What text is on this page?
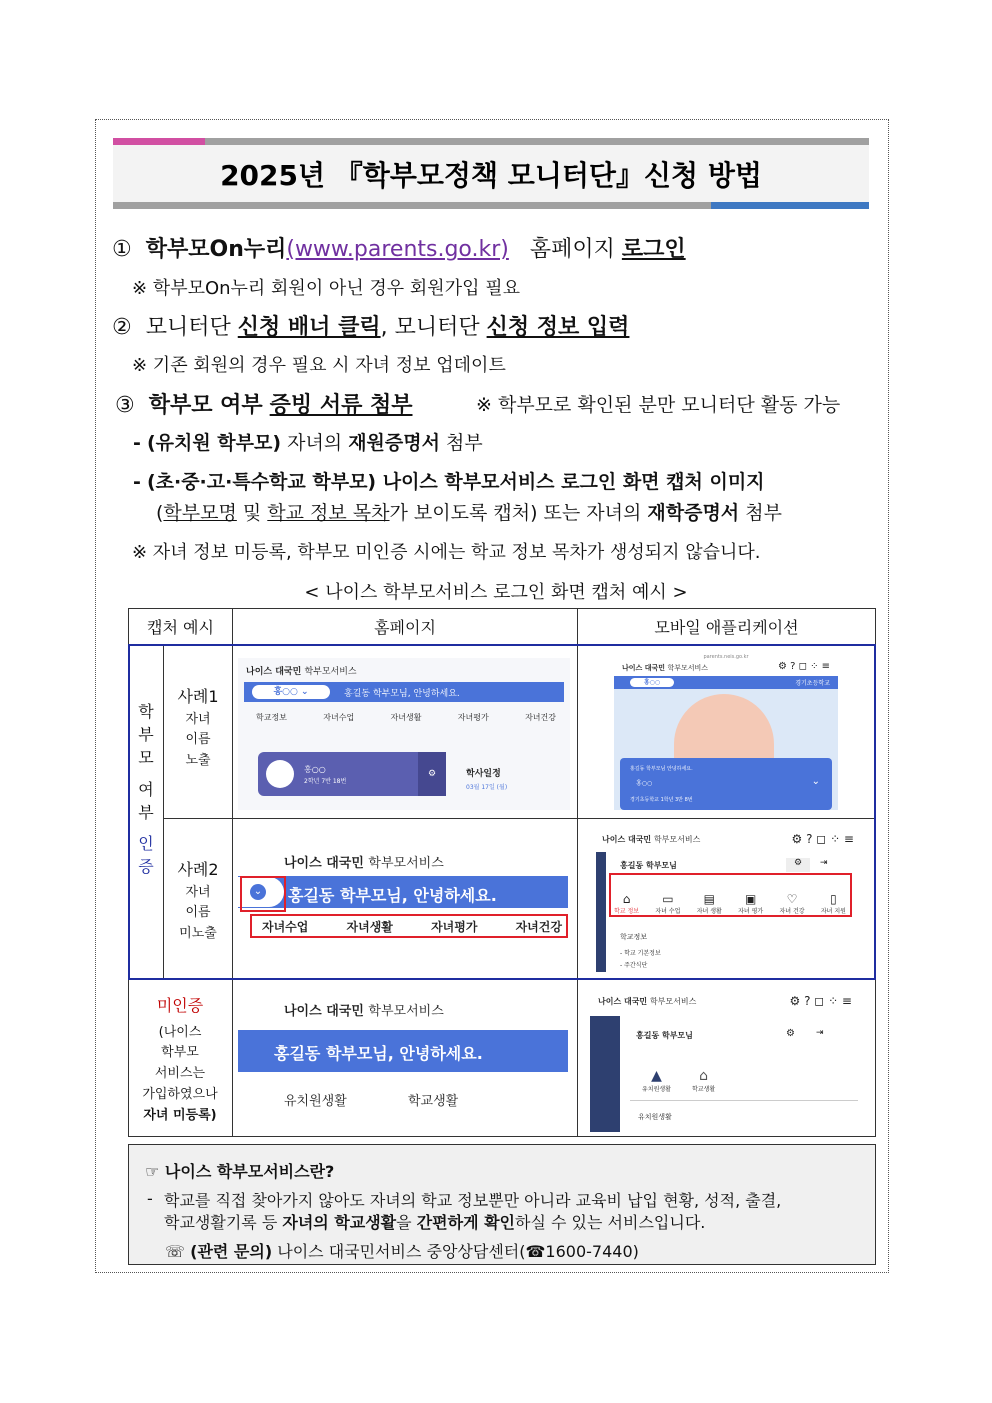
2025년 『학부모정책 모니터단』신청 방법
① 학부모On누리(www.parents.go.kr) 홈페이지 로그인
※ 학부모On누리 회원이 아닌 경우 회원가입 필요
② 모니터단 신청 배너 클릭, 모니터단 신청 정보 입력
※ 기존 회원의 경우 필요 시 자녀 정보 업데이트
③ 학부모 여부 증빙 서류 첨부	※ 학부모로 확인된 분만 모니터단 활동 가능
- (유치원 학부모) 자녀의 재원증명서 첨부
- (초·중·고·특수학교 학부모) 나이스 학부모서비스 로그인 화면 캡처 이미지
(학부모명 및 학교 정보 목차가 보이도록 캡처) 또는 자녀의 재학증명서 첨부
※ 자녀 정보 미등록, 학부모 미인증 시에는 학교 정보 목차가 생성되지 않습니다.
< 나이스 학부모서비스 로그인 화면 캡처 예시 >
캡처 예시	홈페이지	모바일 애플리케이션
학
부
모
여
부
인
증
사례1
자녀
이름
노출
사례2
자녀
이름
미노출
미인증
(나이스
학부모
서비스는
가입하였으나
자녀 미등록)
나이스 대국민 학부모서비스
홍○○ ⌄	홍길동 학부모님, 안녕하세요.
학교정보	자녀수업	자녀생활	자녀평가	자녀건강
홍○○
2학년 7반 18번
⚙	학사일정
03월 17일 (월)
parents.neis.go.kr
나이스 대국민 학부모서비스	⚙ ? ◻ ⁘ ≡
홍○○	경기초등학교
홍길동 학부모님 안녕하세요.
홍○○	⌄
경기초등학교 1학년 3반 8번
나이스 대국민 학부모서비스
홍길동 학부모님, 안녕하세요.
⌄
자녀수업	자녀생활	자녀평가	자녀건강
나이스 대국민 학부모서비스	⚙ ? ◻ ⁘ ≡
홍길동 학부모님	⚙	⇥
⌂
학교 정보
▭
자녀 수업
▤
자녀 생활
▣
자녀 평가
♡
자녀 건강
▯
자녀 지원
학교정보
- 학교 기본정보
- 주간식단
나이스 대국민 학부모서비스
홍길동 학부모님, 안녕하세요.
유치원생활	학교생활
나이스 대국민 학부모서비스	⚙ ? ◻ ⁘ ≡
홍길동 학부모님	⚙ ⇥
▲
유치원생활
⌂
학교생활
유치원생활
☞ 나이스 학부모서비스란?
- 학교를 직접 찾아가지 않아도 자녀의 학교 정보뿐만 아니라 교육비 납입 현황, 성적, 출결,
학교생활기록 등 자녀의 학교생활을 간편하게 확인하실 수 있는 서비스입니다.
☏ (관련 문의) 나이스 대국민서비스 중앙상담센터(☎1600-7440)
